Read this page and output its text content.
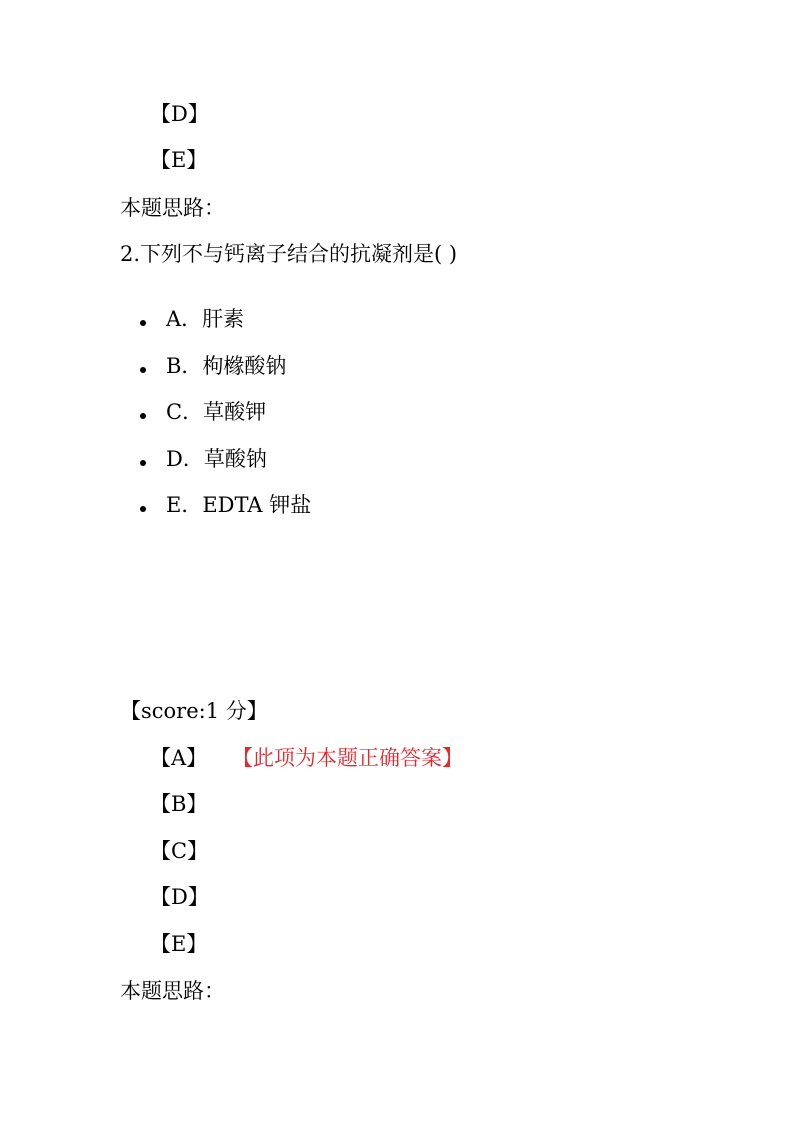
【D】
【E】
本题思路：
2.下列不与钙离子结合的抗凝剂是( )
A．肝素
B．枸橼酸钠
C．草酸钾
D．草酸钠
E．EDTA 钾盐
【score:1 分】
【A】 【此项为本题正确答案】
【B】
【C】
【D】
【E】
本题思路：
